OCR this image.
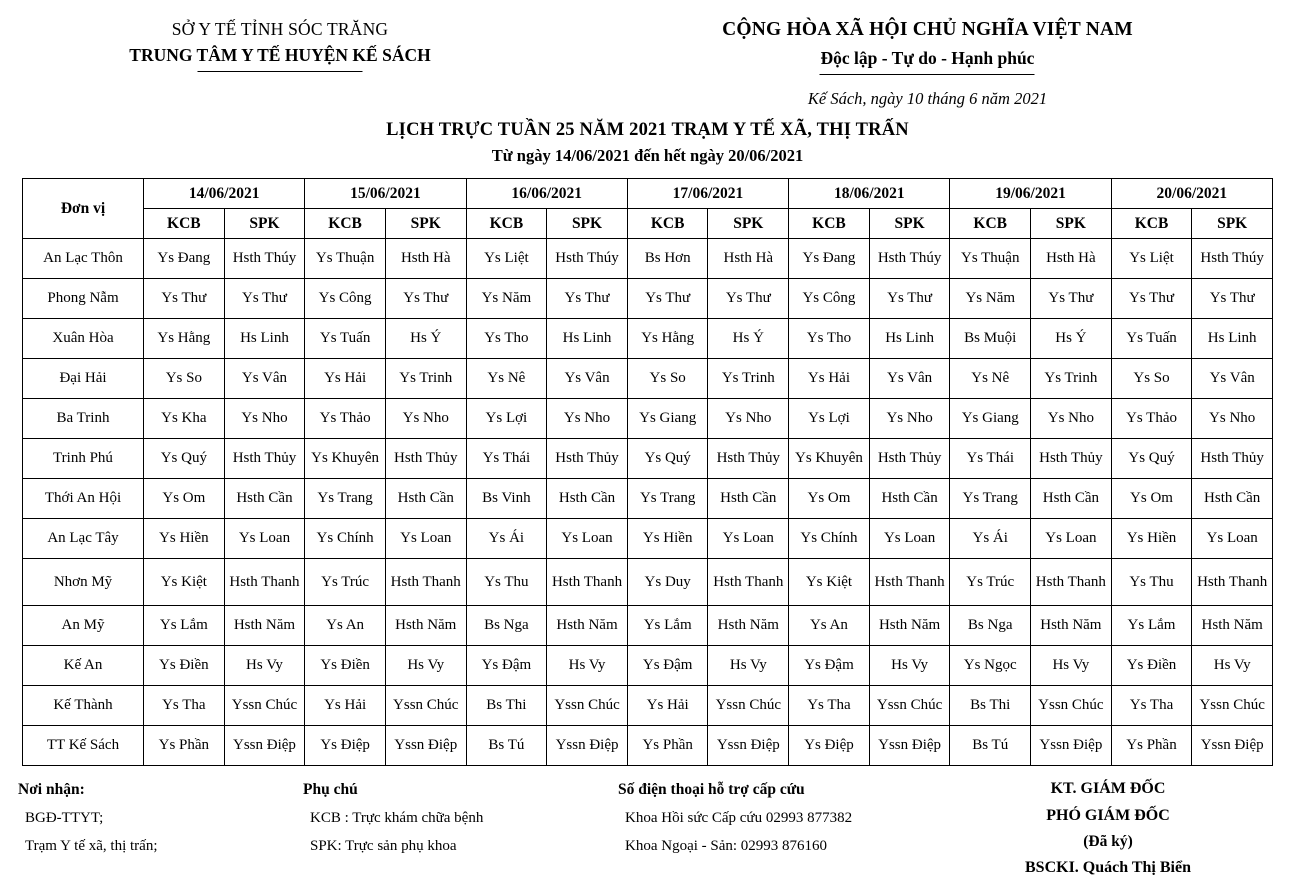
SỞ Y TẾ TỈNH SÓC TRĂNG
TRUNG TÂM Y TẾ HUYỆN KẾ SÁCH
CỘNG HÒA XÃ HỘI CHỦ NGHĨA VIỆT NAM
Độc lập - Tự do - Hạnh phúc
Kế Sách, ngày 10 tháng 6 năm 2021
LỊCH TRỰC TUẦN 25 NĂM 2021 TRẠM Y TẾ XÃ, THỊ TRẤN
Từ ngày 14/06/2021 đến hết ngày 20/06/2021
Đơn vị	14/06/2021		15/06/2021		16/06/2021		17/06/2021		18/06/2021		19/06/2021		20/06/2021	
	KCB	SPK	KCB	SPK	KCB	SPK	KCB	SPK	KCB	SPK	KCB	SPK	KCB	SPK
An Lạc Thôn	Ys Đang	Hsth Thúy	Ys Thuận	Hsth Hà	Ys Liệt	Hsth Thúy	Bs Hơn	Hsth Hà	Ys Đang	Hsth Thúy	Ys Thuận	Hsth Hà	Ys Liệt	Hsth Thúy
Phong Nẫm	Ys Thư	Ys Thư	Ys Công	Ys Thư	Ys Năm	Ys Thư	Ys Thư	Ys Thư	Ys Công	Ys Thư	Ys Năm	Ys Thư	Ys Thư	Ys Thư
Xuân Hòa	Ys Hằng	Hs Linh	Ys Tuấn	Hs Ý	Ys Tho	Hs Linh	Ys Hằng	Hs Ý	Ys Tho	Hs Linh	Bs Muội	Hs Ý	Ys Tuấn	Hs Linh
Đại Hải	Ys So	Ys Vân	Ys Hải	Ys Trinh	Ys Nê	Ys Vân	Ys So	Ys Trinh	Ys Hải	Ys Vân	Ys Nê	Ys Trinh	Ys So	Ys Vân
Ba Trinh	Ys Kha	Ys Nho	Ys Thảo	Ys Nho	Ys Lợi	Ys Nho	Ys Giang	Ys Nho	Ys Lợi	Ys Nho	Ys Giang	Ys Nho	Ys Thảo	Ys Nho
Trinh Phú	Ys Quý	Hsth Thủy	Ys Khuyên	Hsth Thủy	Ys Thái	Hsth Thủy	Ys Quý	Hsth Thủy	Ys Khuyên	Hsth Thủy	Ys Thái	Hsth Thủy	Ys Quý	Hsth Thủy
Thới An Hội	Ys Om	Hsth Cần	Ys Trang	Hsth Cần	Bs Vinh	Hsth Cần	Ys Trang	Hsth Cần	Ys Om	Hsth Cần	Ys Trang	Hsth Cần	Ys Om	Hsth Cần
An Lạc Tây	Ys Hiền	Ys Loan	Ys Chính	Ys Loan	Ys Ái	Ys Loan	Ys Hiền	Ys Loan	Ys Chính	Ys Loan	Ys Ái	Ys Loan	Ys Hiền	Ys Loan
Nhơn Mỹ	Ys Kiệt	Hsth Thanh	Ys Trúc	Hsth Thanh	Ys Thu	Hsth Thanh	Ys Duy	Hsth Thanh	Ys Kiệt	Hsth Thanh	Ys Trúc	Hsth Thanh	Ys Thu	Hsth Thanh
An Mỹ	Ys Lắm	Hsth Năm	Ys An	Hsth Năm	Bs Nga	Hsth Năm	Ys Lắm	Hsth Năm	Ys An	Hsth Năm	Bs Nga	Hsth Năm	Ys Lắm	Hsth Năm
Kế An	Ys Điền	Hs Vy	Ys Điền	Hs Vy	Ys Đậm	Hs Vy	Ys Đậm	Hs Vy	Ys Đậm	Hs Vy	Ys Ngọc	Hs Vy	Ys Điền	Hs Vy
Kế Thành	Ys Tha	Yssn Chúc	Ys Hải	Yssn Chúc	Bs Thi	Yssn Chúc	Ys Hải	Yssn Chúc	Ys Tha	Yssn Chúc	Bs Thi	Yssn Chúc	Ys Tha	Yssn Chúc
TT Kế Sách	Ys Phần	Yssn Điệp	Ys Điệp	Yssn Điệp	Bs Tú	Yssn Điệp	Ys Phần	Yssn Điệp	Ys Điệp	Yssn Điệp	Bs Tú	Yssn Điệp	Ys Phần	Yssn Điệp
Nơi nhận:
BGĐ-TTYT;
Trạm Y tế xã, thị trấn;
Phụ chú
KCB : Trực khám chữa bệnh
SPK: Trực sản phụ khoa
Số điện thoại hỗ trợ cấp cứu
Khoa Hồi sức Cấp cứu 02993 877382
Khoa Ngoại - Sản: 02993 876160
KT. GIÁM ĐỐC
PHÓ GIÁM ĐỐC
(Đã ký)
BSCKI. Quách Thị Biển
